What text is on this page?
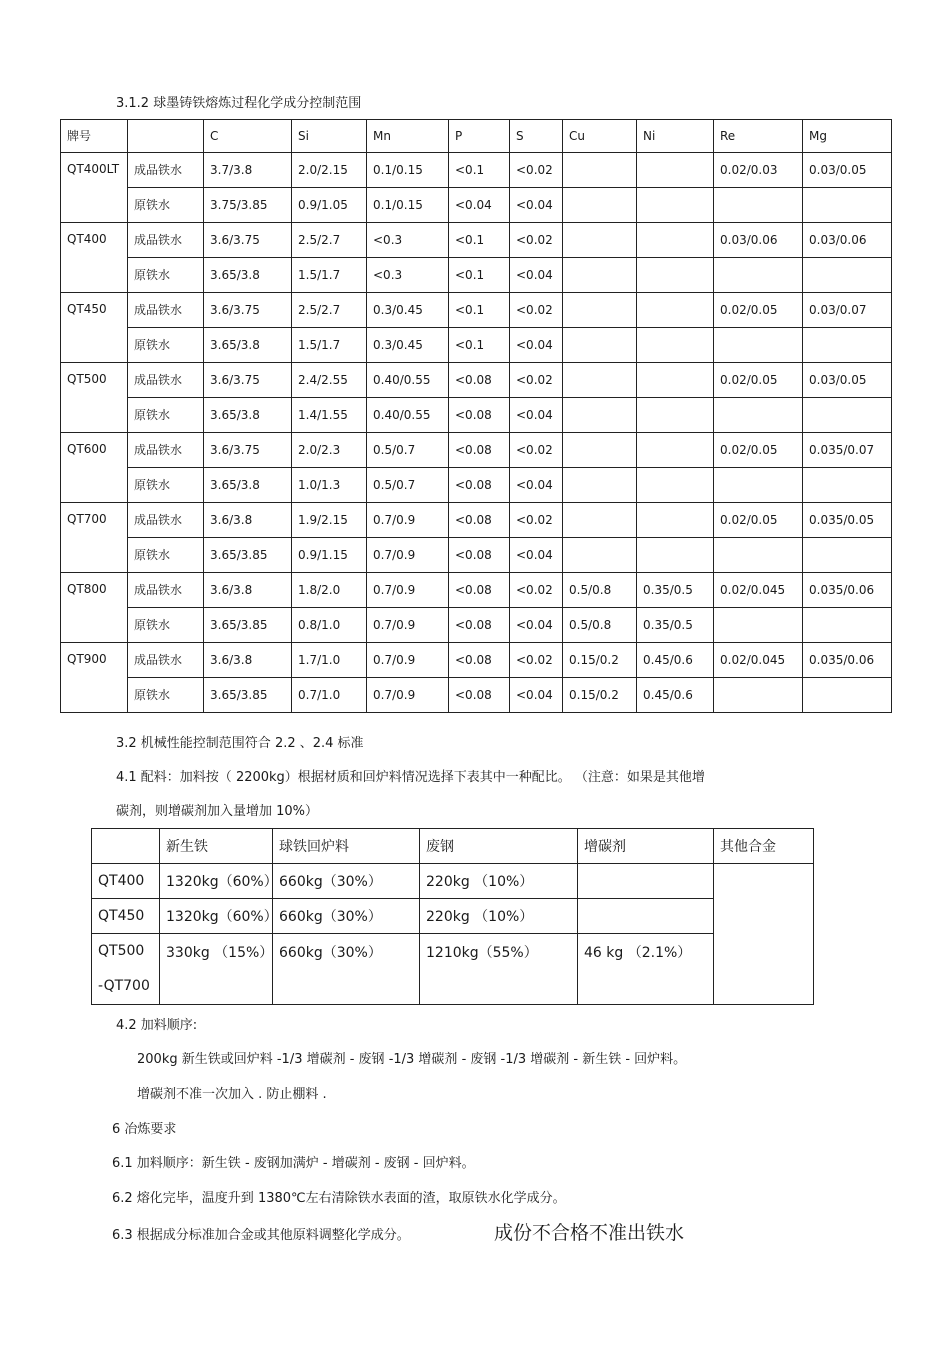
3.1.2 球墨铸铁熔炼过程化学成分控制范围
牌号		C	Si	Mn	P	S	Cu	Ni	Re	Mg
QT400LT	成品铁水	3.7/3.8	2.0/2.15	0.1/0.15	<0.1	<0.02			0.02/0.03	0.03/0.05
	原铁水	3.75/3.85	0.9/1.05	0.1/0.15	<0.04	<0.04				
QT400	成品铁水	3.6/3.75	2.5/2.7	<0.3	<0.1	<0.02			0.03/0.06	0.03/0.06
	原铁水	3.65/3.8	1.5/1.7	<0.3	<0.1	<0.04				
QT450	成品铁水	3.6/3.75	2.5/2.7	0.3/0.45	<0.1	<0.02			0.02/0.05	0.03/0.07
	原铁水	3.65/3.8	1.5/1.7	0.3/0.45	<0.1	<0.04				
QT500	成品铁水	3.6/3.75	2.4/2.55	0.40/0.55	<0.08	<0.02			0.02/0.05	0.03/0.05
	原铁水	3.65/3.8	1.4/1.55	0.40/0.55	<0.08	<0.04				
QT600	成品铁水	3.6/3.75	2.0/2.3	0.5/0.7	<0.08	<0.02			0.02/0.05	0.035/0.07
	原铁水	3.65/3.8	1.0/1.3	0.5/0.7	<0.08	<0.04				
QT700	成品铁水	3.6/3.8	1.9/2.15	0.7/0.9	<0.08	<0.02			0.02/0.05	0.035/0.05
	原铁水	3.65/3.85	0.9/1.15	0.7/0.9	<0.08	<0.04				
QT800	成品铁水	3.6/3.8	1.8/2.0	0.7/0.9	<0.08	<0.02	0.5/0.8	0.35/0.5	0.02/0.045	0.035/0.06
	原铁水	3.65/3.85	0.8/1.0	0.7/0.9	<0.08	<0.04	0.5/0.8	0.35/0.5		
QT900	成品铁水	3.6/3.8	1.7/1.0	0.7/0.9	<0.08	<0.02	0.15/0.2	0.45/0.6	0.02/0.045	0.035/0.06
	原铁水	3.65/3.85	0.7/1.0	0.7/0.9	<0.08	<0.04	0.15/0.2	0.45/0.6		
3.2 机械性能控制范围符合 2.2 、2.4 标准
4.1 配料：加料按（ 2200kg）根据材质和回炉料情况选择下表其中一种配比。 （注意：如果是其他增
碳剂，则增碳剂加入量增加 10%）
	新生铁	球铁回炉料	废钢	增碳剂	其他合金
QT400	1320kg（60%）	660kg（30%）	220kg （10%）		
QT450	1320kg（60%）	660kg（30%）	220kg （10%）		
QT500
-QT700	330kg （15%）	660kg（30%）	1210kg（55%）	46 kg （2.1%）	
4.2 加料顺序:
200kg 新生铁或回炉料 -1/3 增碳剂 - 废钢 -1/3 增碳剂 - 废钢 -1/3 增碳剂 - 新生铁 - 回炉料。
增碳剂不准一次加入 . 防止棚料 .
6 冶炼要求
6.1 加料顺序：新生铁 - 废钢加满炉 - 增碳剂 - 废钢 - 回炉料。
6.2 熔化完毕，温度升到 1380℃左右清除铁水表面的渣，取原铁水化学成分。
6.3 根据成分标准加合金或其他原料调整化学成分。	成份不合格不准出铁水
